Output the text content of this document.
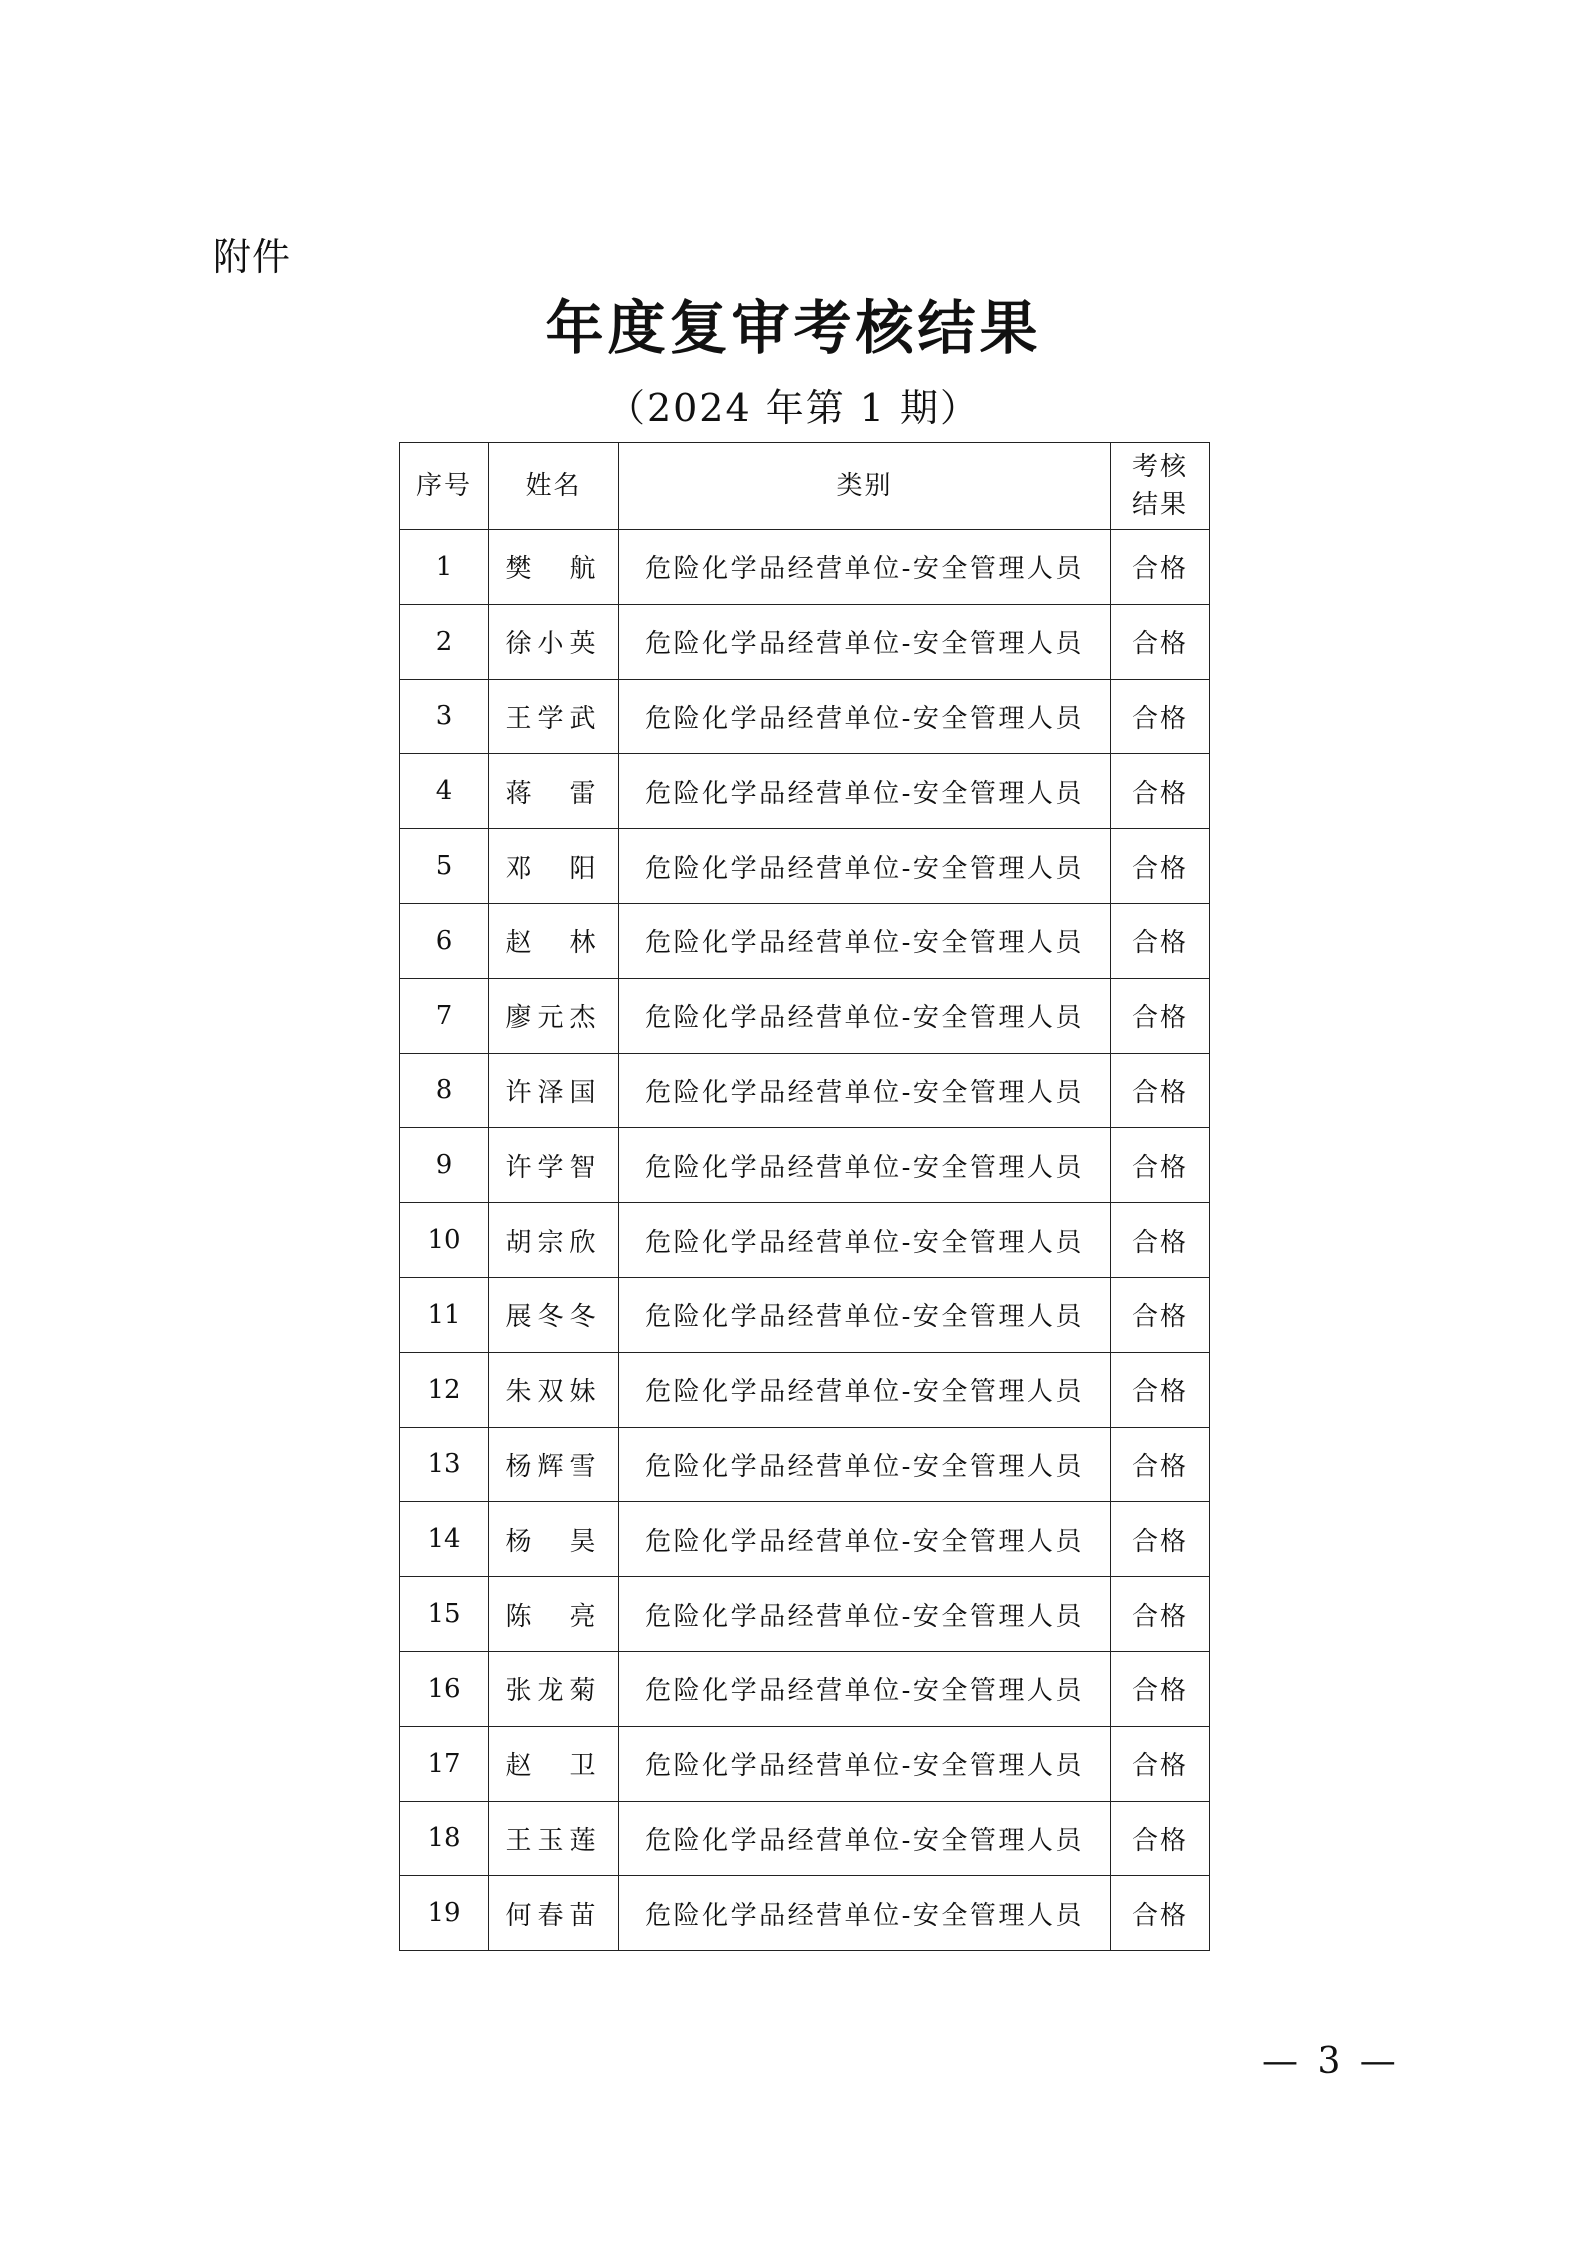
附件
年度复审考核结果
（2024 年第 1 期）
序号	姓名	类别	考核
结果

1	樊　航	危险化学品经营单位-安全管理人员	合格
2	徐小英	危险化学品经营单位-安全管理人员	合格
3	王学武	危险化学品经营单位-安全管理人员	合格
4	蒋　雷	危险化学品经营单位-安全管理人员	合格
5	邓　阳	危险化学品经营单位-安全管理人员	合格
6	赵　林	危险化学品经营单位-安全管理人员	合格
7	廖元杰	危险化学品经营单位-安全管理人员	合格
8	许泽国	危险化学品经营单位-安全管理人员	合格
9	许学智	危险化学品经营单位-安全管理人员	合格
10	胡宗欣	危险化学品经营单位-安全管理人员	合格
11	展冬冬	危险化学品经营单位-安全管理人员	合格
12	朱双妹	危险化学品经营单位-安全管理人员	合格
13	杨辉雪	危险化学品经营单位-安全管理人员	合格
14	杨　昊	危险化学品经营单位-安全管理人员	合格
15	陈　亮	危险化学品经营单位-安全管理人员	合格
16	张龙菊	危险化学品经营单位-安全管理人员	合格
17	赵　卫	危险化学品经营单位-安全管理人员	合格
18	王玉莲	危险化学品经营单位-安全管理人员	合格
19	何春苗	危险化学品经营单位-安全管理人员	合格
— 3 —
